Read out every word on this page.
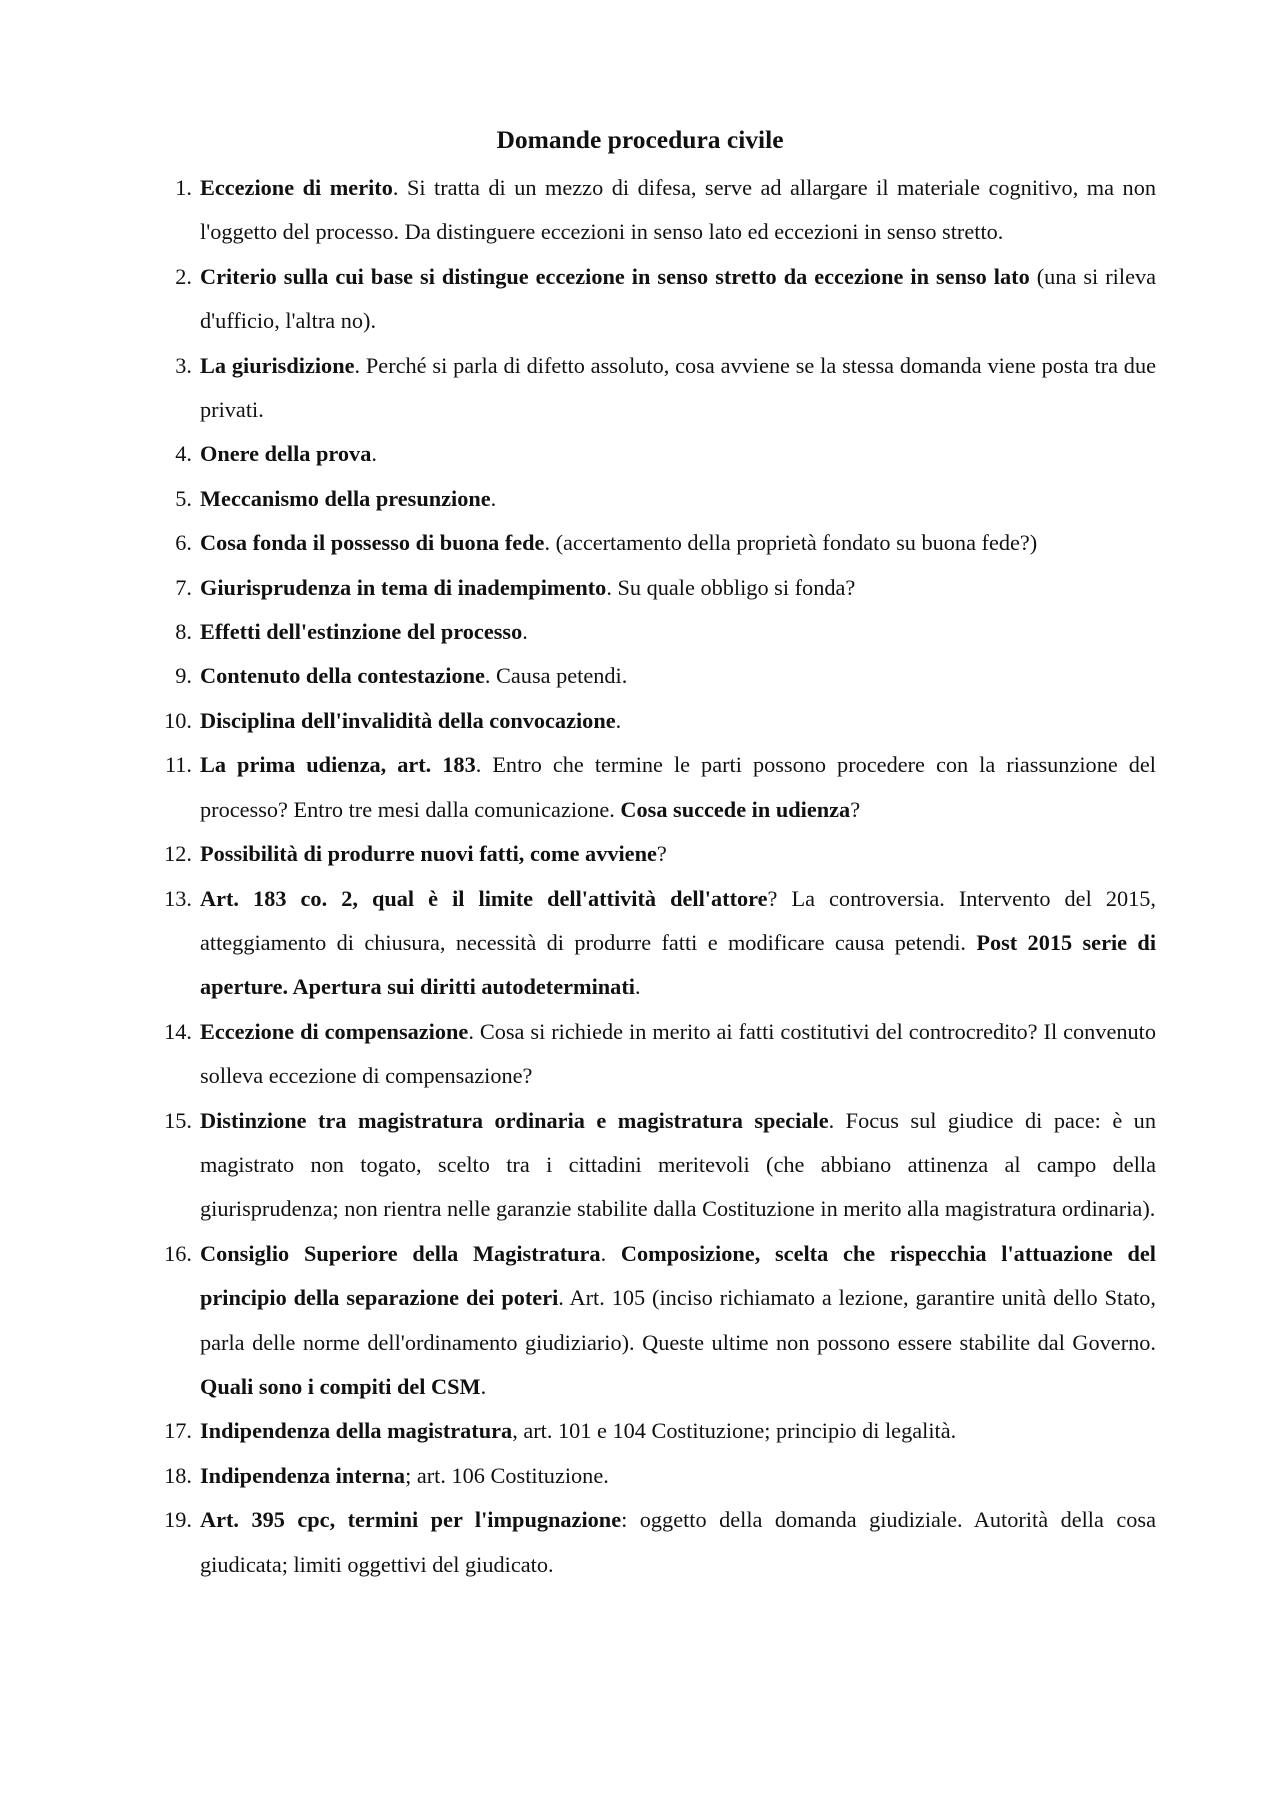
Domande procedura civile
1. Eccezione di merito. Si tratta di un mezzo di difesa, serve ad allargare il materiale cognitivo, ma non l'oggetto del processo. Da distinguere eccezioni in senso lato ed eccezioni in senso stretto.
2. Criterio sulla cui base si distingue eccezione in senso stretto da eccezione in senso lato (una si rileva d'ufficio, l'altra no).
3. La giurisdizione. Perché si parla di difetto assoluto, cosa avviene se la stessa domanda viene posta tra due privati.
4. Onere della prova.
5. Meccanismo della presunzione.
6. Cosa fonda il possesso di buona fede. (accertamento della proprietà fondato su buona fede?)
7. Giurisprudenza in tema di inadempimento. Su quale obbligo si fonda?
8. Effetti dell'estinzione del processo.
9. Contenuto della contestazione. Causa petendi.
10. Disciplina dell'invalidità della convocazione.
11. La prima udienza, art. 183. Entro che termine le parti possono procedere con la riassunzione del processo? Entro tre mesi dalla comunicazione. Cosa succede in udienza?
12. Possibilità di produrre nuovi fatti, come avviene?
13. Art. 183 co. 2, qual è il limite dell'attività dell'attore? La controversia. Intervento del 2015, atteggiamento di chiusura, necessità di produrre fatti e modificare causa petendi. Post 2015 serie di aperture. Apertura sui diritti autodeterminati.
14. Eccezione di compensazione. Cosa si richiede in merito ai fatti costitutivi del controcredito? Il convenuto solleva eccezione di compensazione?
15. Distinzione tra magistratura ordinaria e magistratura speciale. Focus sul giudice di pace: è un magistrato non togato, scelto tra i cittadini meritevoli (che abbiano attinenza al campo della giurisprudenza; non rientra nelle garanzie stabilite dalla Costituzione in merito alla magistratura ordinaria).
16. Consiglio Superiore della Magistratura. Composizione, scelta che rispecchia l'attuazione del principio della separazione dei poteri. Art. 105 (inciso richiamato a lezione, garantire unità dello Stato, parla delle norme dell'ordinamento giudiziario). Queste ultime non possono essere stabilite dal Governo. Quali sono i compiti del CSM.
17. Indipendenza della magistratura, art. 101 e 104 Costituzione; principio di legalità.
18. Indipendenza interna; art. 106 Costituzione.
19. Art. 395 cpc, termini per l'impugnazione: oggetto della domanda giudiziale. Autorità della cosa giudicata; limiti oggettivi del giudicato.
